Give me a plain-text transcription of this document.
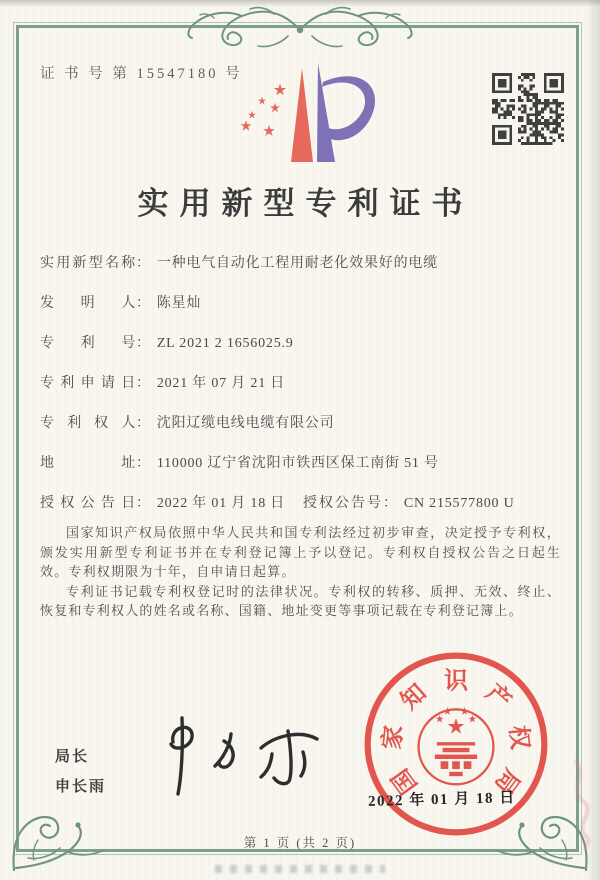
证 书 号 第 15547180 号
实用新型专利证书
实用新型名称： 一种电气自动化工程用耐老化效果好的电缆
发明人： 陈星灿
专利号： ZL 2021 2 1656025.9
专利申请日： 2021 年 07 月 21 日
专利权人： 沈阳辽缆电线电缆有限公司
地址： 110000 辽宁省沈阳市铁西区保工南街 51 号
授权公告日： 2022 年 01 月 18 日 授权公告号： CN 215577800 U

国家知识产权局依照中华人民共和国专利法经过初步审查，决定授予专利权，颁发实用新型专利证书并在专利登记簿上予以登记。专利权自授权公告之日起生效。专利权期限为十年，自申请日起算。

专利证书记载专利权登记时的法律状况。专利权的转移、质押、无效、终止、恢复和专利权人的姓名或名称、国籍、地址变更等事项记载在专利登记簿上。

局长
申长雨	国
家
知 识 产
权
局
2022 年 01 月 18 日
第 1 页 (共 2 页)
